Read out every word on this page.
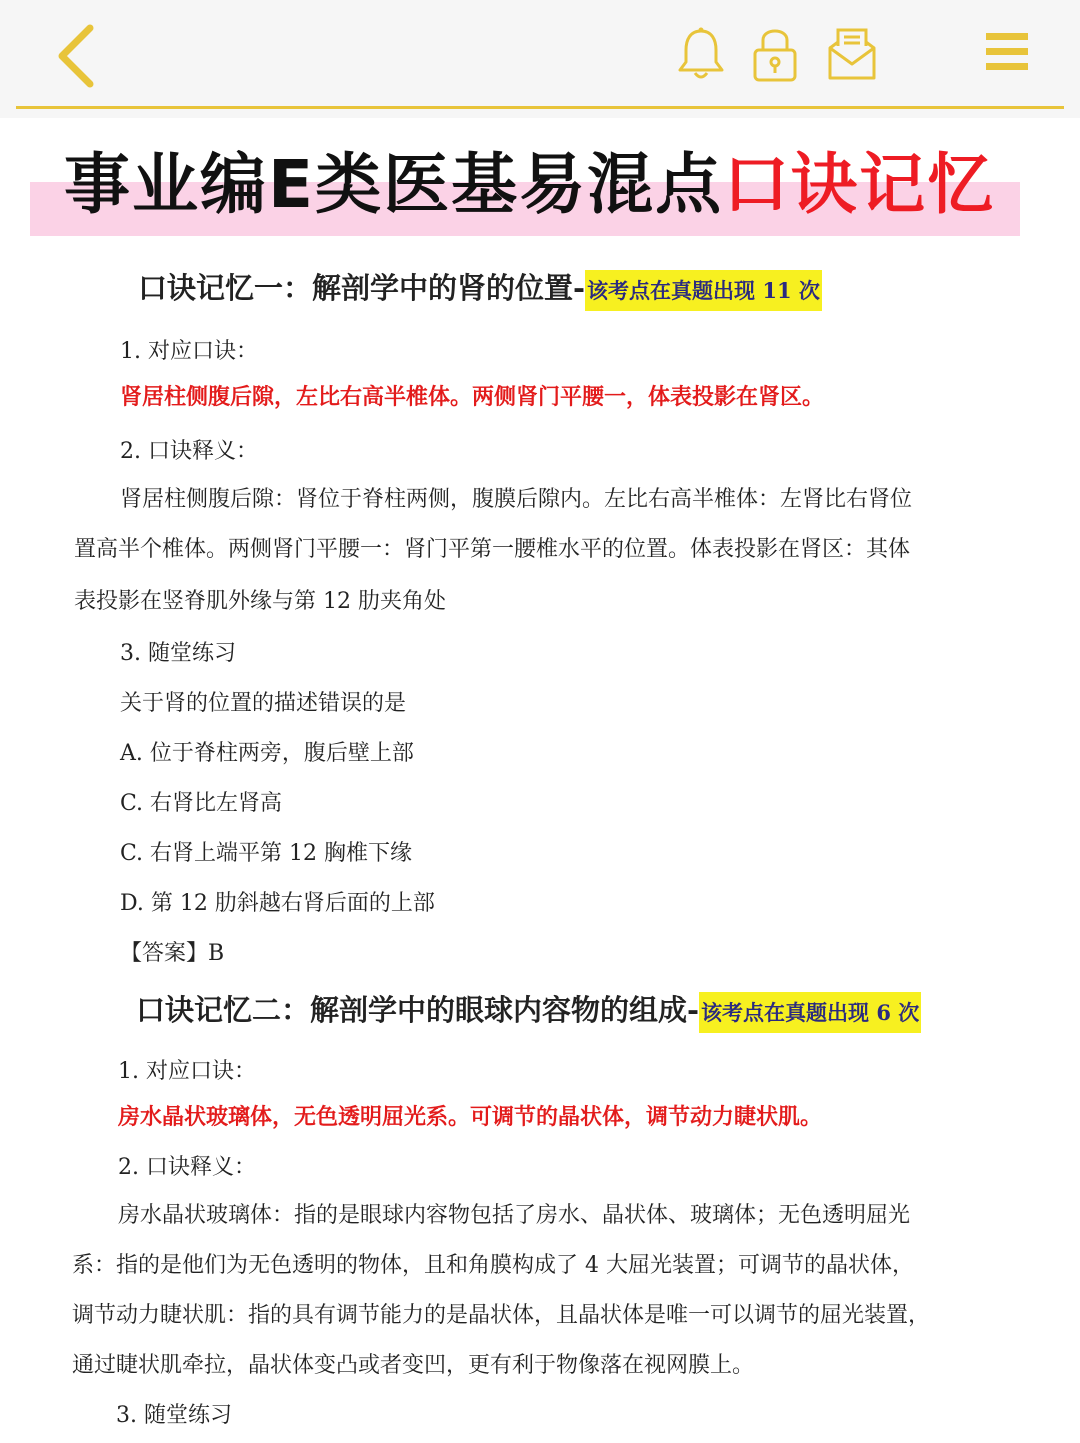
事业编E类医基易混点口诀记忆
口诀记忆一：解剖学中的肾的位置-该考点在真题出现 11 次
1. 对应口诀：
肾居柱侧腹后隙，左比右高半椎体。两侧肾门平腰一，体表投影在肾区。
2. 口诀释义：
肾居柱侧腹后隙：肾位于脊柱两侧，腹膜后隙内。左比右高半椎体：左肾比右肾位
置高半个椎体。两侧肾门平腰一：肾门平第一腰椎水平的位置。体表投影在肾区：其体
表投影在竖脊肌外缘与第 12 肋夹角处
3. 随堂练习
关于肾的位置的描述错误的是
A. 位于脊柱两旁，腹后壁上部
C. 右肾比左肾高
C. 右肾上端平第 12 胸椎下缘
D. 第 12 肋斜越右肾后面的上部
【答案】B
口诀记忆二：解剖学中的眼球内容物的组成-该考点在真题出现 6 次
1. 对应口诀：
房水晶状玻璃体，无色透明屈光系。可调节的晶状体，调节动力睫状肌。
2. 口诀释义：
房水晶状玻璃体：指的是眼球内容物包括了房水、晶状体、玻璃体；无色透明屈光
系：指的是他们为无色透明的物体，且和角膜构成了 4 大屈光装置；可调节的晶状体，
调节动力睫状肌：指的具有调节能力的是晶状体，且晶状体是唯一可以调节的屈光装置，
通过睫状肌牵拉，晶状体变凸或者变凹，更有利于物像落在视网膜上。
3. 随堂练习
